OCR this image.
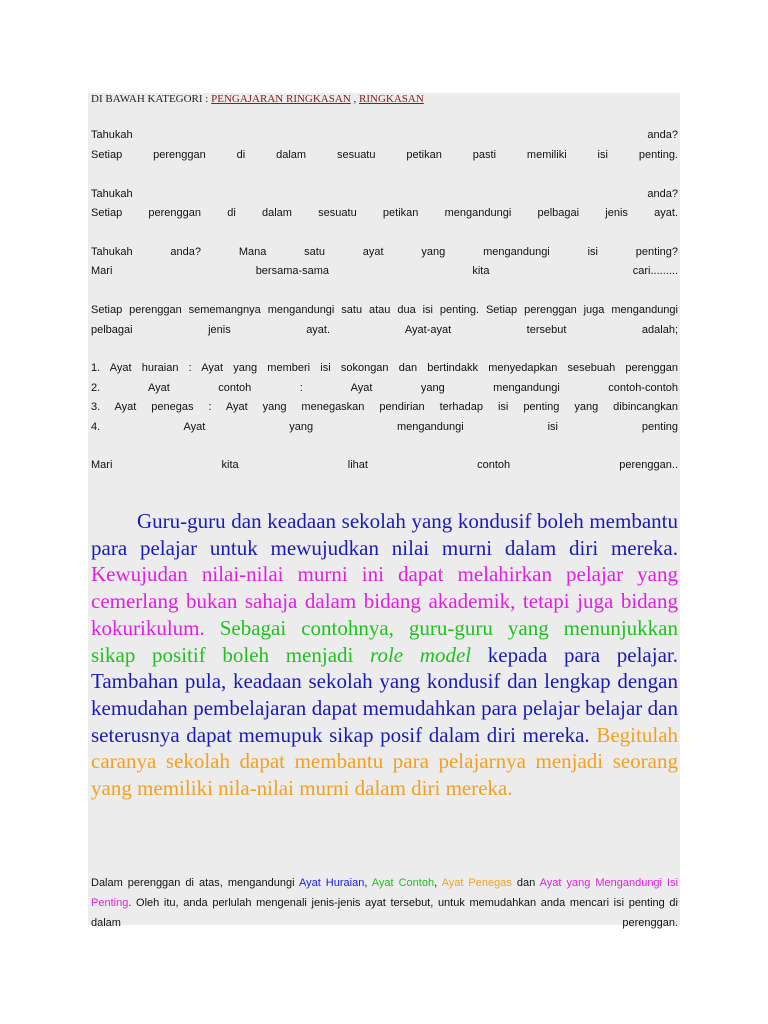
DI BAWAH KATEGORI : PENGAJARAN RINGKASAN , RINGKASAN
Tahukah anda?
Setiap perenggan di dalam sesuatu petikan pasti memiliki isi penting.
Tahukah anda?
Setiap perenggan di dalam sesuatu petikan mengandungi pelbagai jenis ayat.
Tahukah anda? Mana satu ayat yang mengandungi isi penting?
Mari bersama-sama kita cari.........
Setiap perenggan sememangnya mengandungi satu atau dua isi penting. Setiap perenggan juga mengandungi
pelbagai jenis ayat. Ayat-ayat tersebut adalah;
1. Ayat huraian : Ayat yang memberi isi sokongan dan bertindakk menyedapkan sesebuah perenggan
2. Ayat contoh : Ayat yang mengandungi contoh-contoh
3. Ayat penegas : Ayat yang menegaskan pendirian terhadap isi penting yang dibincangkan
4. Ayat yang mengandungi isi penting
Mari kita lihat contoh perenggan..
Guru-guru dan keadaan sekolah yang kondusif boleh membantu para pelajar untuk mewujudkan nilai murni dalam diri mereka. Kewujudan nilai-nilai murni ini dapat melahirkan pelajar yang cemerlang bukan sahaja dalam bidang akademik, tetapi juga bidang kokurikulum. Sebagai contohnya, guru-guru yang menunjukkan sikap positif boleh menjadi role model kepada para pelajar. Tambahan pula, keadaan sekolah yang kondusif dan lengkap dengan kemudahan pembelajaran dapat memudahkan para pelajar belajar dan seterusnya dapat memupuk sikap posif dalam diri mereka. Begitulah caranya sekolah dapat membantu para pelajarnya menjadi seorang yang memiliki nila-nilai murni dalam diri mereka.
Dalam perenggan di atas, mengandungi Ayat Huraian, Ayat Contoh, Ayat Penegas dan Ayat yang Mengandungi Isi Penting. Oleh itu, anda perlulah mengenali jenis-jenis ayat tersebut, untuk memudahkan anda mencari isi penting di dalam perenggan.
